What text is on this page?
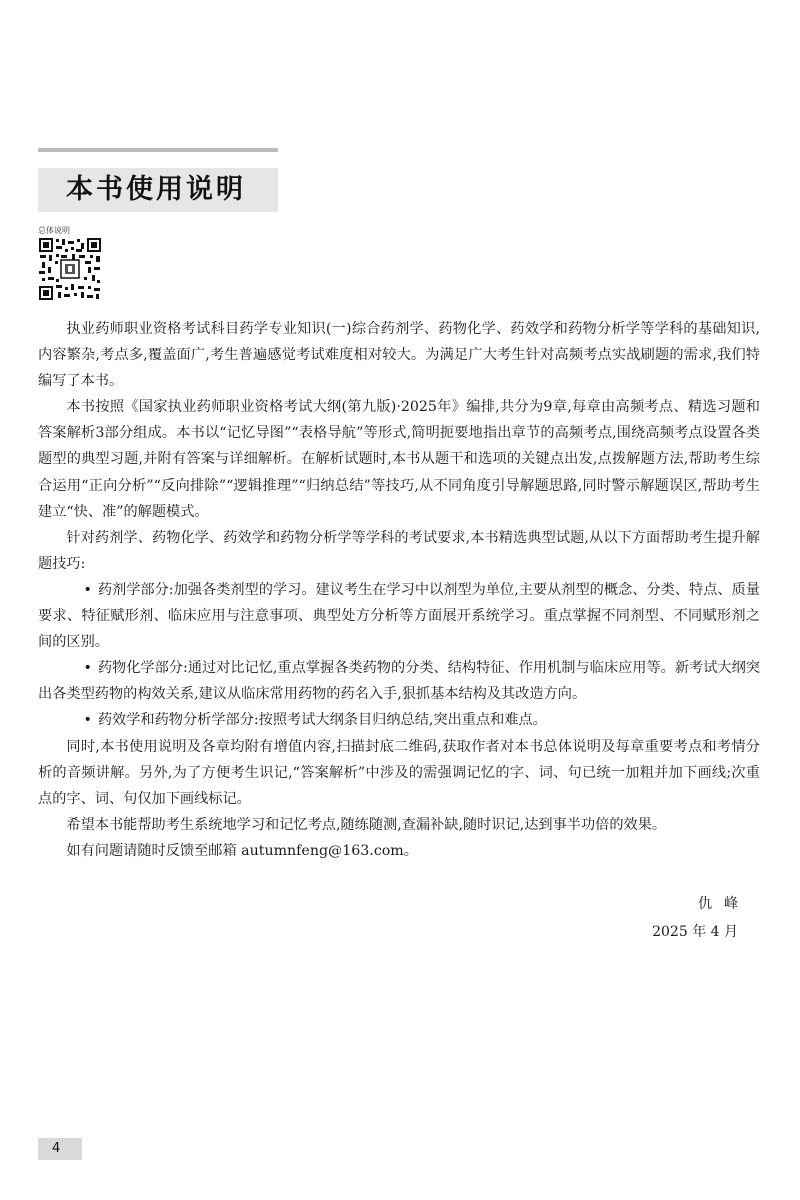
本书使用说明
总体说明

执业药师职业资格考试科目药学专业知识(一)综合药剂学、药物化学、药效学和药物分析学等学科的基础知识,内容繁杂,考点多,覆盖面广,考生普遍感觉考试难度相对较大。为满足广大考生针对高频考点实战刷题的需求,我们特编写了本书。

本书按照《国家执业药师职业资格考试大纲(第九版)·2025年》编排,共分为9章,每章由高频考点、精选习题和答案解析3部分组成。本书以“记忆导图”“表格导航”等形式,简明扼要地指出章节的高频考点,围绕高频考点设置各类题型的典型习题,并附有答案与详细解析。在解析试题时,本书从题干和选项的关键点出发,点拨解题方法,帮助考生综合运用“正向分析”“反向排除”“逻辑推理”“归纳总结”等技巧,从不同角度引导解题思路,同时警示解题误区,帮助考生建立“快、准”的解题模式。

针对药剂学、药物化学、药效学和药物分析学等学科的考试要求,本书精选典型试题,从以下方面帮助考生提升解题技巧:

• 药剂学部分:加强各类剂型的学习。建议考生在学习中以剂型为单位,主要从剂型的概念、分类、特点、质量要求、特征赋形剂、临床应用与注意事项、典型处方分析等方面展开系统学习。重点掌握不同剂型、不同赋形剂之间的区别。

• 药物化学部分:通过对比记忆,重点掌握各类药物的分类、结构特征、作用机制与临床应用等。新考试大纲突出各类型药物的构效关系,建议从临床常用药物的药名入手,狠抓基本结构及其改造方向。

• 药效学和药物分析学部分:按照考试大纲条目归纳总结,突出重点和难点。

同时,本书使用说明及各章均附有增值内容,扫描封底二维码,获取作者对本书总体说明及每章重要考点和考情分析的音频讲解。另外,为了方便考生识记,“答案解析”中涉及的需强调记忆的字、词、句已统一加粗并加下画线;次重点的字、词、句仅加下画线标记。

希望本书能帮助考生系统地学习和记忆考点,随练随测,查漏补缺,随时识记,达到事半功倍的效果。

如有问题请随时反馈至邮箱 autumnfeng@163.com。

仇峰
2025 年 4 月
4
